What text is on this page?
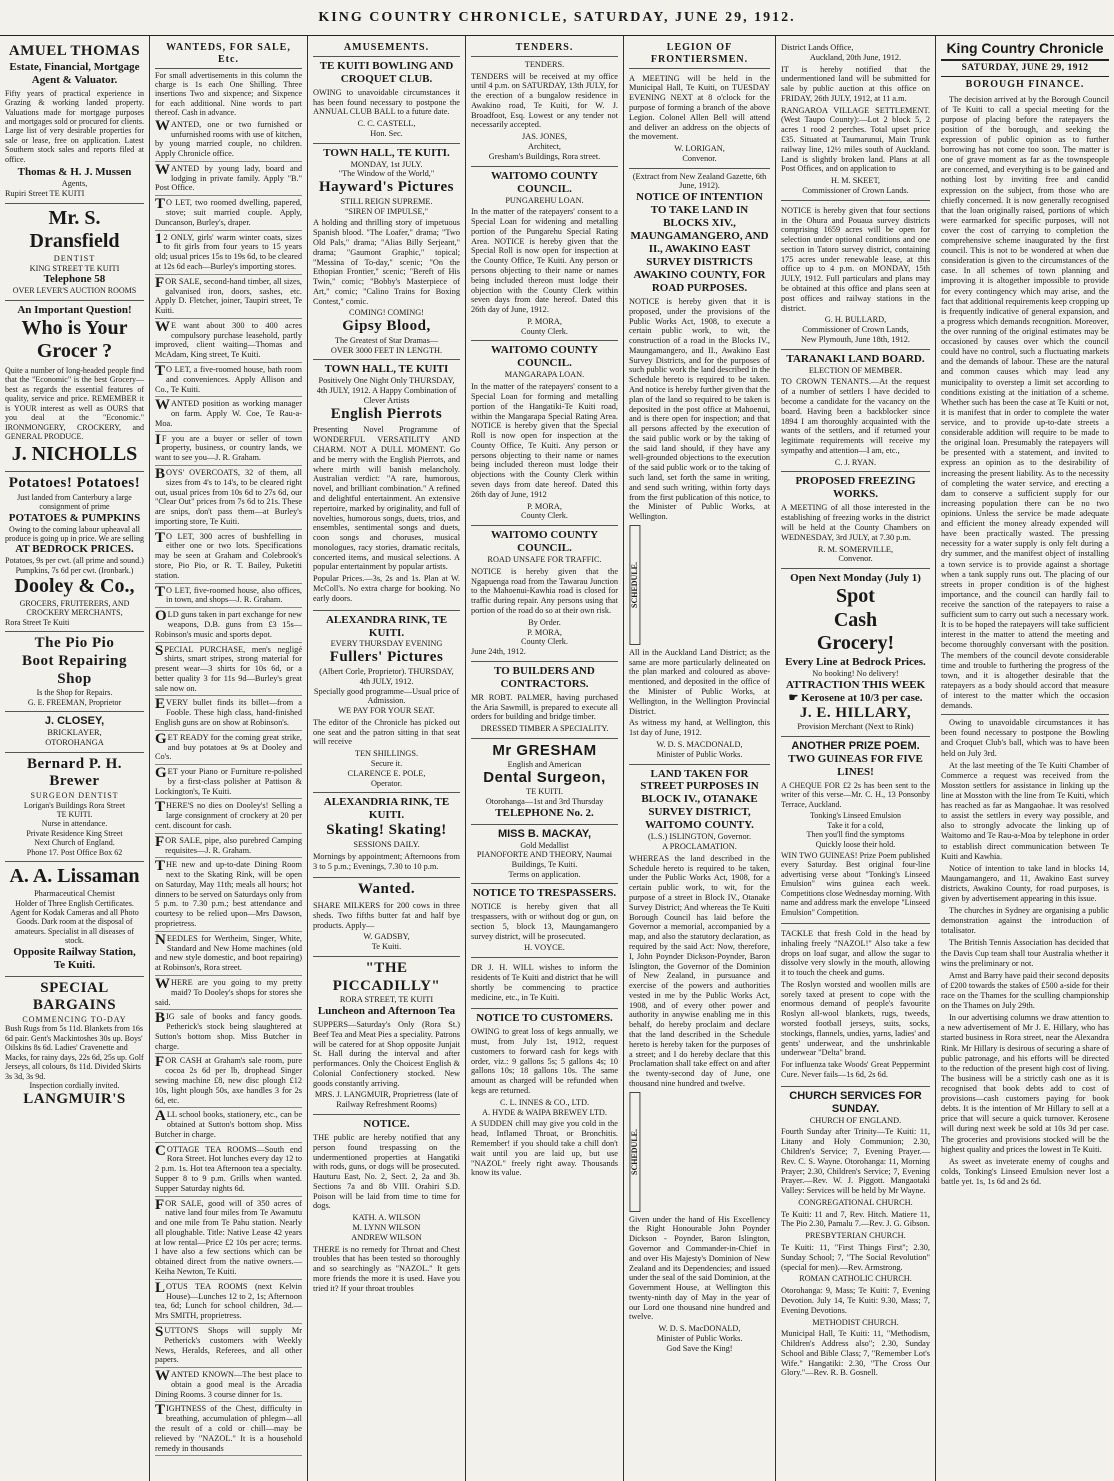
KING COUNTRY CHRONICLE, SATURDAY, JUNE 29, 1912.
AMUEL THOMAS
Estate, Financial, Mortgage Agent & Valuator.
Fifty years of practical experience in Grazing & working landed property. Valuations made for mortgage purposes and mortgages sold or procured for clients. Large list of very desirable properties for sale or lease, free on application. Latest Southern stock sales and reports filed at office.
Thomas & H. J. Mussen
Agents,
Rupiri Street TE KUITI
Mr. S. Dransfield
DENTIST
KING STREET TE KUITI
Telephone 58
OVER LEVER'S AUCTION ROOMS
An Important Question!
Who is Your Grocer ?
Quite a number of long-headed people find that the "Economic" is the best Grocery—best as regards the essential features of quality, service and price. REMEMBER it is YOUR interest as well as OURS that you deal at the "Economic." IRONMONGERY, CROCKERY, and GENERAL PRODUCE.
J. NICHOLLS
Potatoes! Potatoes!
Just landed from Canterbury a large consignment of prime
POTATOES & PUMPKINS
Owing to the coming labour upheaval all produce is going up in price. We are selling
AT BEDROCK PRICES.
Potatoes, 9s per cwt. (all prime and sound.) Pumpkins, 7s 6d per cwt. (Ironbark.)
Dooley & Co.,
GROCERS, FRUITERERS, AND CROCKERY MERCHANTS,
Rora Street Te Kuiti
The Pio Pio
Boot Repairing Shop
Is the Shop for Repairs.
G. E. FREEMAN, Proprietor
J. CLOSEY,
BRICKLAYER,
OTOROHANGA
Bernard P. H. Brewer
SURGEON DENTIST
Lorigan's Buildings Rora Street
TE KUITI.
Nurse in attendance.
Private Residence King Street
Next Church of England.
Phone 17. Post Office Box 62
A. A. Lissaman
Pharmaceutical Chemist
Holder of Three English Certificates. Agent for Kodak Cameras and all Photo Goods. Dark room at the disposal of amateurs. Specialist in all diseases of stock.
Opposite Railway Station,
Te Kuiti.
SPECIAL BARGAINS
COMMENCING TO-DAY
Bush Rugs from 5s 11d. Blankets from 16s 6d pair. Gent's Mackintoshes 30s up. Boys' Oilskins 8s 6d. Ladies' Cravenette and Macks, for rainy days, 22s 6d, 25s up. Golf Jerseys, all colours, 8s 11d. Divided Skirts 3s 3d, 3s 9d.
Inspection cordially invited.
LANGMUIR'S
WANTEDS, FOR SALE, Etc.
For small advertisements in this column the charge is 1s each One Shilling. Three insertions Two and sixpence; and Sixpence for each additional. Nine words to part thereof. Cash in advance.
WANTED, one or two furnished or unfurnished rooms with use of kitchen, by young married couple, no children. Apply Chronicle office.
WANTED by young lady, board and lodging in private family. Apply "B." Post Office.
TO LET, two roomed dwelling, papered, stove; suit married couple. Apply, Duncanson, Burley's, draper.
12 ONLY, girls' warm winter coats, sizes to fit girls from four years to 15 years old; usual prices 15s to 19s 6d, to be cleared at 12s 6d each—Burley's importing stores.
FOR SALE, second-hand timber, all sizes, galvanised iron, doors, sashes, etc. Apply D. Fletcher, joiner, Taupiri street, Te Kuiti.
WE want about 300 to 400 acres compulsory purchase leasehold, partly improved, client waiting—Thomas and McAdam, King street, Te Kuiti.
TO LET, a five-roomed house, bath room and conveniences. Apply Allison and Co., Te Kuiti.
WANTED position as working manager on farm. Apply W. Coe, Te Rau-a-Moa.
IF you are a buyer or seller of town property, business, or country lands, we want to see you—J. R. Graham.
BOYS' OVERCOATS, 32 of them, all sizes from 4's to 14's, to be cleared right out, usual prices from 10s 6d to 27s 6d, our "Clear Out" prices from 7s 6d to 21s. These are snips, don't pass them—at Burley's importing store, Te Kuiti.
TO LET, 300 acres of bushfelling in either one or two lots. Specifications may be seen at Graham and Colebrook's store, Pio Pio, or R. T. Bailey, Puketiti station.
TO LET, five-roomed house, also offices, in town, and shops—J. R. Graham.
OLD guns taken in part exchange for new weapons, D.B. guns from £3 15s—Robinson's music and sports depot.
SPECIAL PURCHASE, men's negligé shirts, smart stripes, strong material for present wear—3 shirts for 10s 6d, or a better quality 3 for 11s 9d—Burley's great sale now on.
EVERY bullet finds its billet—from a Fooble. These high class, hand-finished English guns are on show at Robinson's.
GET READY for the coming great strike, and buy potatoes at 9s at Dooley and Co's.
GET your Piano or Furniture re-polished by a first-class polisher at Pattison & Lockington's, Te Kuiti.
THERE'S no dies on Dooley's! Selling a large consignment of crockery at 20 per cent. discount for cash.
FOR SALE, pipe, also purebred Camping requisites—J. R. Graham.
THE new and up-to-date Dining Room next to the Skating Rink, will be open on Saturday, May 11th; meals all hours; hot dinners to be served on Saturdays only from 5 p.m. to 7.30 p.m.; best attendance and courtesy to be relied upon—Mrs Dawson, proprietress.
NEEDLES for Wertheim, Singer, White, Standard and New Home machines (old and new style domestic, and boot repairing) at Robinson's, Rora street.
WHERE are you going to my pretty maid? To Dooley's shops for stores she said.
BIG sale of books and fancy goods. Petherick's stock being slaughtered at Sutton's bottom shop. Miss Butcher in charge.
FOR CASH at Graham's sale room, pure cocoa 2s 6d per lb, drophead Singer sewing machine £8, new disc plough £12 10s, light plough 50s, axe handles 3 for 2s 6d, etc.
ALL school books, stationery, etc., can be obtained at Sutton's bottom shop. Miss Butcher in charge.
COTTAGE TEA ROOMS—South end Rora Street. Hot lunches every day 12 to 2 p.m. 1s. Hot tea Afternoon tea a specialty. Supper 8 to 9 p.m. Grills when wanted. Supper Saturday nights 6d.
FOR SALE, good will of 350 acres of native land four miles from Te Awamutu and one mile from Te Pahu station. Nearly all ploughable. Title: Native Lease 42 years at low rental—Price £2 10s per acre; terms. I have also a few sections which can be obtained direct from the native owners.—Keiha Newton, Te Kuiti.
LOTUS TEA ROOMS (next Kelvin House)—Lunches 12 to 2, 1s; Afternoon tea, 6d; Lunch for school children, 3d.—Mrs SMITH, proprietress.
SUTTON'S Shops will supply Mr Petherick's customers with Weekly News, Heralds, Referees, and all other papers.
WANTED KNOWN—The best place to obtain a good meal is the Arcadia Dining Rooms. 3 course dinner for 1s.
TIGHTNESS of the Chest, difficulty in breathing, accumulation of phlegm—all the result of a cold or chill—may be relieved by "NAZOL." It is a household remedy in thousands
AMUSEMENTS.
TE KUITI BOWLING AND CROQUET CLUB.
OWING to unavoidable circumstances it has been found necessary to postpone the ANNUAL CLUB BALL to a future date.
C. C. CASTELL,
Hon. Sec.
TOWN HALL, TE KUITI.
MONDAY, 1st JULY.
"The Window of the World,"
Hayward's Pictures
STILL REIGN SUPREME.
"SIREN OF IMPULSE,"
A holding and thrilling story of impetuous Spanish blood. "The Loafer," drama; "Two Old Pals," drama; "Alias Billy Serjeant," drama; "Gaumont Graphic," topical; "Messina of To-day," scenic; "On the Ethopian Frontier," scenic; "Bereft of His Twin," comic; "Bobby's Masterpiece of Art," comic; "Calino Trains for Boxing Contest," comic.
COMING! COMING!
Gipsy Blood,
The Greatest of Star Dramas—
OVER 3000 FEET IN LENGTH.
TOWN HALL, TE KUITI
Positively One Night Only THURSDAY, 4th JULY, 1912. A Happy Combination of Clever Artists
English Pierrots
Presenting Novel Programme of WONDERFUL VERSATILITY AND CHARM. NOT A DULL MOMENT. Go and be merry with the English Pierrots, and where mirth will banish melancholy. Australian verdict: "A rare, humorous, novel, and brilliant combination." A refined and delightful entertainment. An extensive repertoire, marked by originality, and full of novelties, humorous songs, duets, trios, and ensembles, sentimental songs and duets, coon songs and choruses, musical monologues, racy stories, dramatic recitals, concerted items, and musical selections. A popular entertainment by popular artists.
Popular Prices.—3s, 2s and 1s. Plan at W. McColl's. No extra charge for booking. No early doors.
ALEXANDRA RINK, TE KUITI.
EVERY THURSDAY EVENING
Fullers' Pictures
(Albert Corle, Proprietor). THURSDAY, 4th JULY, 1912.
Specially good programme—Usual price of Admission.
WE PAY FOR YOUR SEAT.
The editor of the Chronicle has picked out one seat and the patron sitting in that seat will receive
TEN SHILLINGS.
Secure it.
CLARENCE E. POLE,
Operator.
ALEXANDRIA RINK, TE KUITI.
Skating! Skating!
SESSIONS DAILY.
Mornings by appointment; Afternoons from 3 to 5 p.m.; Evenings, 7.30 to 10 p.m.
Wanted.
SHARE MILKERS for 200 cows in three sheds. Two fifths butter fat and half bye products. Apply—
W. GADSBY,
Te Kuiti.
"THE PICCADILLY"
RORA STREET, TE KUITI
Luncheon and Afternoon Tea
SUPPERS—Saturday's Only (Rora St.) Beef Tea and Meat Pies a speciality. Patrons will be catered for at Shop opposite Junjait St. Hall during the interval and after performances. Only the Choicest English & Colonial Confectionery stocked. New goods constantly arriving.
MRS. J. LANGMUIR, Proprietress (late of Railway Refreshment Rooms)
NOTICE.
THE public are hereby notified that any person found trespassing on the undermentioned properties at Hangatiki with rods, guns, or dogs will be prosecuted. Hauturu East, No. 2, Sect. 2, 2a and 3b. Sections 7a and 8b VIII. Orahiri S.D. Poison will be laid from time to time for dogs.
KATH. A. WILSON
M. LYNN WILSON
ANDREW WILSON
THERE is no remedy for Throat and Chest troubles that has been tested so thoroughly and so searchingly as "NAZOL." It gets more friends the more it is used. Have you tried it? If your throat troubles
TENDERS.
TENDERS.
TENDERS will be received at my office until 4 p.m. on SATURDAY, 13th JULY, for the erection of a bungalow residence in Awakino road, Te Kuiti, for W. J. Broadfoot, Esq. Lowest or any tender not necessarily accepted.
JAS. JONES,
Architect,
Gresham's Buildings, Rora street.
WAITOMO COUNTY COUNCIL.
PUNGAREHU LOAN.
In the matter of the ratepayers' consent to a Special Loan for widening and metalling portion of the Pungarehu Special Rating Area. NOTICE is hereby given that the Special Roll is now open for inspection at the County Office, Te Kuiti. Any person or persons objecting to their name or names being included thereon must lodge their objection with the County Clerk within seven days from date hereof. Dated this 26th day of June, 1912.
P. MORA,
County Clerk.
WAITOMO COUNTY COUNCIL.
MANGARAPA LOAN.
In the matter of the ratepayers' consent to a Special Loan for forming and metalling portion of the Hangatiki-Te Kuiti road, within the Mangarapa Special Rating Area. NOTICE is hereby given that the Special Roll is now open for inspection at the County Office, Te Kuiti. Any person or persons objecting to their name or names being included thereon must lodge their objections with the County Clerk within seven days from date hereof. Dated this 26th day of June, 1912
P. MORA,
County Clerk.
WAITOMO COUNTY COUNCIL.
ROAD UNSAFE FOR TRAFFIC.
NOTICE is hereby given that the Ngapuenga road from the Tawarau Junction to the Mahoenui-Kawhia road is closed for traffic during repair. Any persons using that portion of the road do so at their own risk.
By Order.
P. MORA,
County Clerk.
June 24th, 1912.
TO BUILDERS AND CONTRACTORS.
MR ROBT. PALMER, having purchased the Aria Sawmill, is prepared to execute all orders for building and bridge timber.
DRESSED TIMBER A SPECIALITY.
Mr GRESHAM
English and American
Dental Surgeon,
TE KUITI.
Otorohanga—1st and 3rd Thursday
TELEPHONE No. 2.
MISS B. MACKAY,
Gold Medallist
PIANOFORTE AND THEORY, Naumai Buildings, Te Kuiti.
Terms on application.
NOTICE TO TRESPASSERS.
NOTICE is hereby given that all trespassers, with or without dog or gun, on section 5, block 13, Maungamangero survey district, will be prosecuted.
H. VOYCE.
DR J. H. WILL wishes to inform the residents of Te Kuiti and district that he will shortly be commencing to practice medicine, etc., in Te Kuiti.
NOTICE TO CUSTOMERS.
OWING to great loss of kegs annually, we must, from July 1st, 1912, request customers to forward cash for kegs with order, viz.: 9 gallons 5s; 5 gallons 4s; 10 gallons 10s; 18 gallons 10s. The same amount as charged will be refunded when kegs are returned.
C. L. INNES & CO., LTD.
A. HYDE & WAIPA BREWEY LTD.
A SUDDEN chill may give you cold in the head, Inflamed Throat, or Bronchitis. Remember! if you should take a chill don't wait until you are laid up, but use "NAZOL" freely right away. Thousands know its value.
LEGION OF FRONTIERSMEN.
A MEETING will be held in the Municipal Hall, Te Kuiti, on TUESDAY EVENING NEXT at 8 o'clock for the purpose of forming a branch of the above Legion. Colonel Allen Bell will attend and deliver an address on the objects of the movement.
W. LORIGAN,
Convenor.
(Extract from New Zealand Gazette, 6th June, 1912).
NOTICE OF INTENTION TO TAKE LAND IN BLOCKS XIV., MAUNGAMANGERO, AND II., AWAKINO EAST SURVEY DISTRICTS AWAKINO COUNTY, FOR ROAD PURPOSES.
NOTICE is hereby given that it is proposed, under the provisions of the Public Works Act, 1908, to execute a certain public work, to wit, the construction of a road in the Blocks IV., Maungamangero, and II., Awakino East Survey Districts, and for the purposes of such public work the land described in the Schedule hereto is required to be taken. And notice is hereby further given that the plan of the land so required to be taken is deposited in the post office at Mahoenui, and is there open for inspection; and that all persons affected by the execution of the said public work or by the taking of the said land should, if they have any well-grounded objections to the execution of the said public work or to the taking of such land, set forth the same in writing, and send such writing, within forty days from the first publication of this notice, to the Minister of Public Works, at Wellington.
SCHEDULE.
All in the Auckland Land District; as the same are more particularly delineated on the plan marked and coloured as above-mentioned, and deposited in the office of the Minister of Public Works, at Wellington, in the Wellington Provincial District.
As witness my hand, at Wellington, this 1st day of June, 1912.
W. D. S. MACDONALD,
Minister of Public Works.
LAND TAKEN FOR STREET PURPOSES IN BLOCK IV., OTANAKE SURVEY DISTRICT, WAITOMO COUNTY.
(L.S.) ISLINGTON, Governor.
A PROCLAMATION.
WHEREAS the land described in the Schedule hereto is required to be taken, under the Public Works Act, 1908, for a certain public work, to wit, for the purpose of a street in Block IV., Otanake Survey District; And whereas the Te Kuiti Borough Council has laid before the Governor a memorial, accompanied by a map, and also the statutory declaration, as required by the said Act: Now, therefore, I, John Poynder Dickson-Poynder, Baron Islington, the Governor of the Dominion of New Zealand, in pursuance and exercise of the powers and authorities vested in me by the Public Works Act, 1908, and of every other power and authority in anywise enabling me in this behalf, do hereby proclaim and declare that the land described in the Schedule hereto is hereby taken for the purposes of a street; and I do hereby declare that this Proclamation shall take effect on and after the twenty-second day of June, one thousand nine hundred and twelve.
SCHEDULE.
Given under the hand of His Excellency the Right Honourable John Poynder Dickson - Poynder, Baron Islington, Governor and Commander-in-Chief in and over His Majesty's Dominion of New Zealand and its Dependencies; and issued under the seal of the said Dominion, at the Government House, at Wellington this twenty-ninth day of May in the year of our Lord one thousand nine hundred and twelve.
W. D. S. MacDONALD,
Minister of Public Works.
God Save the King!
District Lands Office,
Auckland, 20th June, 1912.
IT is hereby notified that the undermentioned land will be submitted for sale by public auction at this office on FRIDAY, 26th JULY, 1912, at 11 a.m.
RANGAROA VILLAGE SETTLEMENT. (West Taupo County):—Lot 2 block 5, 2 acres 1 rood 2 perches. Total upset price £35. Situated at Taumarunui, Main Trunk railway line, 12½ miles south of Auckland. Land is slightly broken land. Plans at all Post Offices, and on application to
H. M. SKEET,
Commissioner of Crown Lands.
NOTICE is hereby given that four sections in the Ohura and Pouaua survey districts comprising 1659 acres will be open for selection under optional conditions and one section in Tatoro survey district, containing 175 acres under renewable lease, at this office up to 4 p.m. on MONDAY, 15th JULY, 1912. Full particulars and plans may be obtained at this office and plans seen at post offices and railway stations in the district.
G. H. BULLARD,
Commissioner of Crown Lands,
New Plymouth, June 18th, 1912.
TARANAKI LAND BOARD.
ELECTION OF MEMBER.
TO CROWN TENANTS.—At the request of a number of settlers I have decided to become a candidate for the vacancy on the board. Having been a backblocker since 1894 I am thoroughly acquainted with the wants of the settlers, and if returned your legitimate requirements will receive my sympathy and attention—I am, etc.,
C. J. RYAN.
PROPOSED FREEZING WORKS.
A MEETING of all those interested in the establishing of freezing works in the district will be held at the County Chambers on WEDNESDAY, 3rd JULY, at 7.30 p.m.
R. M. SOMERVILLE,
Convenor.
Open Next Monday (July 1)
Spot
Cash
Grocery!
Every Line at Bedrock Prices.
No booking! No delivery!
ATTRACTION THIS WEEK
☛ Kerosene at 10/3 per case.
J. E. HILLARY,
Provision Merchant (Next to Rink)
ANOTHER PRIZE POEM.
TWO GUINEAS FOR FIVE LINES!
A CHEQUE FOR £2 2s has been sent to the writer of this verse—Mr. C. H., 13 Ponsonby Terrace, Auckland.
Tonking's Linseed Emulsion
Take it for a cold,
Then you'll find the symptoms
Quickly loose their hold.
WIN TWO GUINEAS! Prize Poem published every Saturday. Best original four-line advertising verse about "Tonking's Linseed Emulsion" wins guinea each week. Competitions close Wednesday morning. With name and address mark the envelope "Linseed Emulsion" Competition.
TACKLE that fresh Cold in the head by inhaling freely "NAZOL!" Also take a few drops on loaf sugar, and allow the sugar to dissolve very slowly in the mouth, allowing it to touch the cheek and gums.
The Roslyn worsted and woollen mills are sorely taxed at present to cope with the enormous demand of people's favourite Roslyn all-wool blankets, rugs, tweeds, worsted football jerseys, suits, socks, stockings, flannels, undies, yarns, ladies' and gents' underwear, and the unshrinkable underwear "Delta" brand.
For influenza take Woods' Great Peppermint Cure. Never fails—1s 6d, 2s 6d.
CHURCH SERVICES FOR SUNDAY.
CHURCH OF ENGLAND.
Fourth Sunday after Trinity—Te Kuiti: 11, Litany and Holy Communion; 2.30, Children's Service; 7, Evening Prayer.—Rev. C. S. Wayne. Otorohanga: 11, Morning Prayer; 2.30, Children's Service; 7, Evening Prayer.—Rev. W. J. Piggott. Mangaotaki Valley: Services will be held by Mr Wayne.
CONGREGATIONAL CHURCH.
Te Kuiti: 11 and 7, Rev. Hitch. Matiere 11, The Pio 2.30, Pamalu 7.—Rev. J. G. Gibson.
PRESBYTERIAN CHURCH.
Te Kuiti: 11, "First Things First"; 2.30, Sunday School; 7, "The Social Revolution" (special for men).—Rev. Armstrong.
ROMAN CATHOLIC CHURCH.
Otorohanga: 9, Mass; Te Kuiti: 7, Evening Devotion. July 14, Te Kuiti: 9.30, Mass; 7, Evening Devotions.
METHODIST CHURCH.
Municipal Hall, Te Kuiti: 11, "Methodism, Children's Address also"; 2.30, Sunday School and Bible Class; 7, "Remember Lot's Wife." Hangatiki: 2.30, "The Cross Our Glory."—Rev. R. B. Gosnell.
King Country Chronicle
SATURDAY, JUNE 29, 1912
BOROUGH FINANCE.
The decision arrived at by the Borough Council of Te Kuiti to call a special meeting for the purpose of placing before the ratepayers the position of the borough, and seeking the expression of public opinion as to further borrowing has not come too soon. The matter is one of grave moment as far as the townspeople are concerned, and everything is to be gained and nothing lost by inviting free and candid expression on the subject, from those who are chiefly concerned. It is now generally recognised that the loan originally raised, portions of which were earmarked for specific purposes, will not cover the cost of carrying to completion the comprehensive scheme inaugurated by the first council. This is not to be wondered at when due consideration is given to the circumstances of the case. In all schemes of town planning and improving it is altogether impossible to provide for every contingency which may arise, and the fact that additional requirements keep cropping up is frequently indicative of general expansion, and a progress which demands recognition. Moreover, the over running of the original estimates may be occasioned by causes over which the council could have no control, such a fluctuating markets and the demands of labour. These are the natural and common causes which may lead any municipality to overstep a limit set according to conditions existing at the initiation of a scheme. Whether such has been the case at Te Kuiti or not, it is manifest that in order to complete the water service, and to provide up-to-date streets a considerable addition will require to be made to the original loan. Presumably the ratepayers will be presented with a statement, and invited to express an opinion as to the desirability of increasing the present liability. As to the necessity of completing the water service, and erecting a dam to conserve a sufficient supply for our increasing population there can be no two opinions. Unless the service be made adequate and efficient the money already expended will have been practically wasted. The pressing necessity for a water supply is only felt during a dry summer, and the manifest object of installing a town service is to provide against a shortage when a tank supply runs out. The placing of our streets in proper condition is of the highest importance, and the council can hardly fail to receive the sanction of the ratepayers to raise a sufficient sum to carry out such a necessary work. It is to be hoped the ratepayers will take sufficient interest in the matter to attend the meeting and become thoroughly conversant with the position. The members of the council devote considerable time and trouble to furthering the progress of the town, and it is altogether desirable that the ratepayers as a body should accord that measure of interest to the matter which the occasion demands.
Owing to unavoidable circumstances it has been found necessary to postpone the Bowling and Croquet Club's ball, which was to have been held on July 3rd.
At the last meeting of the Te Kuiti Chamber of Commerce a request was received from the Mosston settlers for assistance in linking up the line at Mosston with the line from Te Kuiti, which has reached as far as Mangaohae. It was resolved to assist the settlers in every way possible, and also to strongly advocate the linking up of Waitomo and Te Rau-a-Moa by telephone in order to establish direct communication between Te Kuiti and Kawhia.
Notice of intention to take land in blocks 14, Maungamangero, and 11, Awakino East survey districts, Awakino County, for road purposes, is given by advertisement appearing in this issue.
The churches in Sydney are organising a public demonstration against the introduction of totalisator.
The British Tennis Association has decided that the Davis Cup team shall tour Australia whether it wins the preliminary or not.
Arnst and Barry have paid their second deposits of £200 towards the stakes of £500 a-side for their race on the Thames for the sculling championship on the Thames on July 29th.
In our advertising columns we draw attention to a new advertisement of Mr J. E. Hillary, who has started business in Rora street, near the Alexandra Rink. Mr Hillary is desirous of securing a share of public patronage, and his efforts will be directed to the reduction of the present high cost of living. The business will be a strictly cash one as it is recognised that book debts add to cost of provisions—cash customers paying for book debts. It is the intention of Mr Hillary to sell at a price that will secure a quick turnover. Kerosene will during next week be sold at 10s 3d per case. The groceries and provisions stocked will be the highest quality and prices the lowest in Te Kuiti.
As sweet as inveterate enemy of coughs and colds, Tonking's Linseed Emulsion never lost a battle yet. 1s, 1s 6d and 2s 6d.
